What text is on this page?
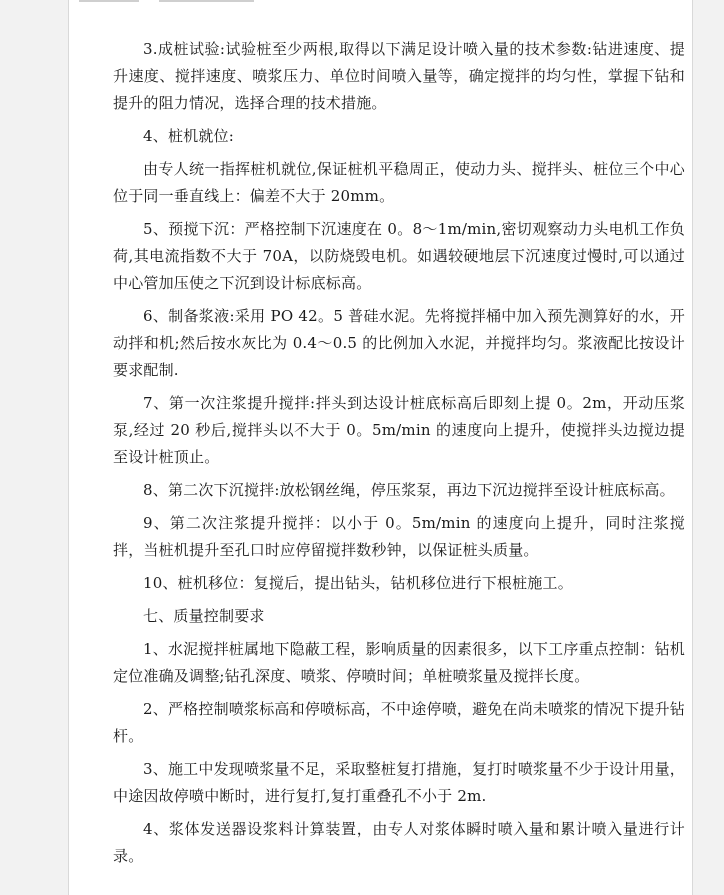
3.成桩试验:试验桩至少两根,取得以下满足设计喷入量的技术参数:钻进速度、提升速度、搅拌速度、喷浆压力、单位时间喷入量等，确定搅拌的均匀性，掌握下钻和提升的阻力情况，选择合理的技术措施。

4、桩机就位:

由专人统一指挥桩机就位,保证桩机平稳周正，使动力头、搅拌头、桩位三个中心位于同一垂直线上：偏差不大于 20mm。

5、预搅下沉：严格控制下沉速度在 0。8～1m/min,密切观察动力头电机工作负荷,其电流指数不大于 70A，以防烧毁电机。如遇较硬地层下沉速度过慢时,可以通过中心管加压使之下沉到设计标底标高。

6、制备浆液:采用 PO 42。5 普硅水泥。先将搅拌桶中加入预先测算好的水，开动拌和机;然后按水灰比为 0.4～0.5 的比例加入水泥，并搅拌均匀。浆液配比按设计要求配制.

7、第一次注浆提升搅拌:拌头到达设计桩底标高后即刻上提 0。2m，开动压浆泵,经过 20 秒后,搅拌头以不大于 0。5m/min 的速度向上提升，使搅拌头边搅边提至设计桩顶止。

8、第二次下沉搅拌:放松钢丝绳，停压浆泵，再边下沉边搅拌至设计桩底标高。

9、第二次注浆提升搅拌：以小于 0。5m/min 的速度向上提升，同时注浆搅拌，当桩机提升至孔口时应停留搅拌数秒钟，以保证桩头质量。

10、桩机移位：复搅后，提出钻头，钻机移位进行下根桩施工。

七、质量控制要求

1、水泥搅拌桩属地下隐蔽工程，影响质量的因素很多，以下工序重点控制：钻机定位准确及调整;钻孔深度、喷浆、停喷时间；单桩喷浆量及搅拌长度。

2、严格控制喷浆标高和停喷标高，不中途停喷，避免在尚未喷浆的情况下提升钻杆。

3、施工中发现喷浆量不足，采取整桩复打措施，复打时喷浆量不少于设计用量，中途因故停喷中断时，进行复打,复打重叠孔不小于 2m.

4、浆体发送器设浆料计算装置，由专人对浆体瞬时喷入量和累计喷入量进行计录。
